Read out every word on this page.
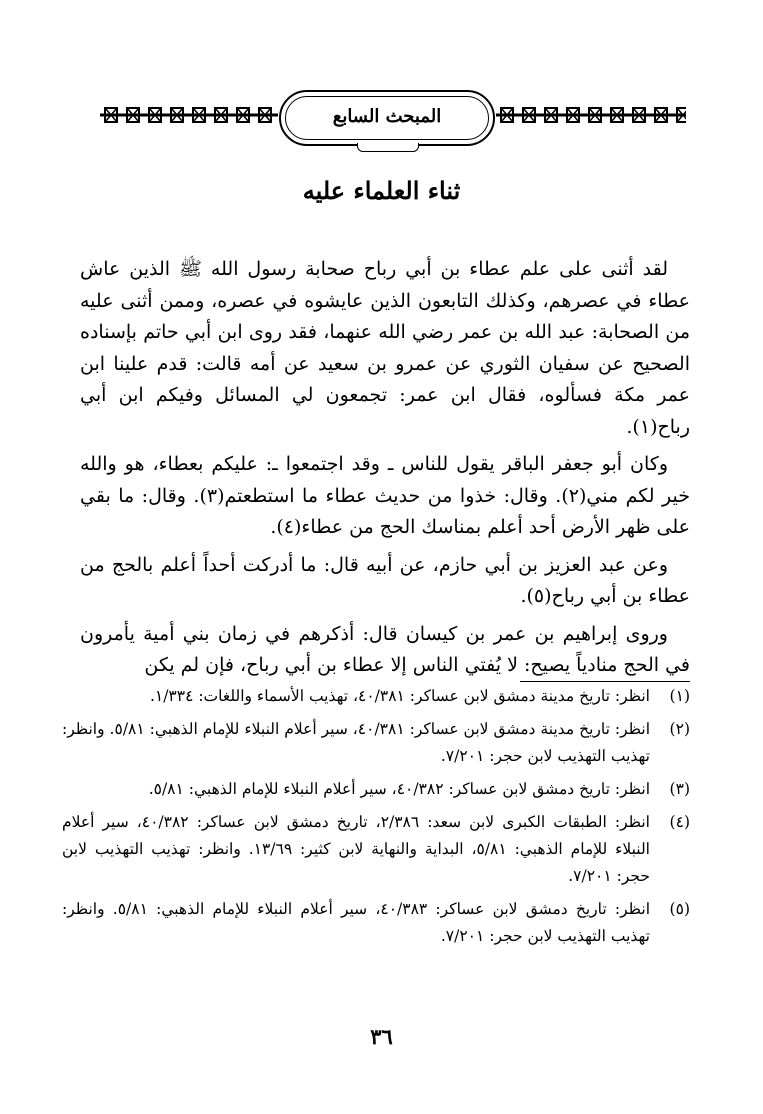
المبحث السابع
ثناء العلماء عليه

لقد أثنى على علم عطاء بن أبي رباح صحابة رسول الله ﷺ الذين عاش عطاء في عصرهم، وكذلك التابعون الذين عايشوه في عصره، وممن أثنى عليه من الصحابة: عبد الله بن عمر رضي الله عنهما، فقد روى ابن أبي حاتم بإسناده الصحيح عن سفيان الثوري عن عمرو بن سعيد عن أمه قالت: قدم علينا ابن عمر مكة فسألوه، فقال ابن عمر: تجمعون لي المسائل وفيكم ابن أبي رباح(١).

وكان أبو جعفر الباقر يقول للناس ـ وقد اجتمعوا ـ: عليكم بعطاء، هو والله خير لكم مني(٢). وقال: خذوا من حديث عطاء ما استطعتم(٣). وقال: ما بقي على ظهر الأرض أحد أعلم بمناسك الحج من عطاء(٤).

وعن عبد العزيز بن أبي حازم، عن أبيه قال: ما أدركت أحداً أعلم بالحج من عطاء بن أبي رباح(٥).

وروى إبراهيم بن عمر بن كيسان قال: أذكرهم في زمان بني أمية يأمرون في الحج منادياً يصيح: لا يُفتي الناس إلا عطاء بن أبي رباح، فإن لم يكن

(١)
انظر: تاريخ مدينة دمشق لابن عساكر: ٤٠/٣٨١، تهذيب الأسماء واللغات: ١/٣٣٤.
(٢)
انظر: تاريخ مدينة دمشق لابن عساكر: ٤٠/٣٨١، سير أعلام النبلاء للإمام الذهبي: ٥/٨١. وانظر: تهذيب التهذيب لابن حجر: ٧/٢٠١.
(٣)
انظر: تاريخ دمشق لابن عساكر: ٤٠/٣٨٢، سير أعلام النبلاء للإمام الذهبي: ٥/٨١.
(٤)
انظر: الطبقات الكبرى لابن سعد: ٢/٣٨٦، تاريخ دمشق لابن عساكر: ٤٠/٣٨٢، سير أعلام النبلاء للإمام الذهبي: ٥/٨١، البداية والنهاية لابن كثير: ١٣/٦٩. وانظر: تهذيب التهذيب لابن حجر: ٧/٢٠١.
(٥)
انظر: تاريخ دمشق لابن عساكر: ٤٠/٣٨٣، سير أعلام النبلاء للإمام الذهبي: ٥/٨١. وانظر: تهذيب التهذيب لابن حجر: ٧/٢٠١.
٣٦
